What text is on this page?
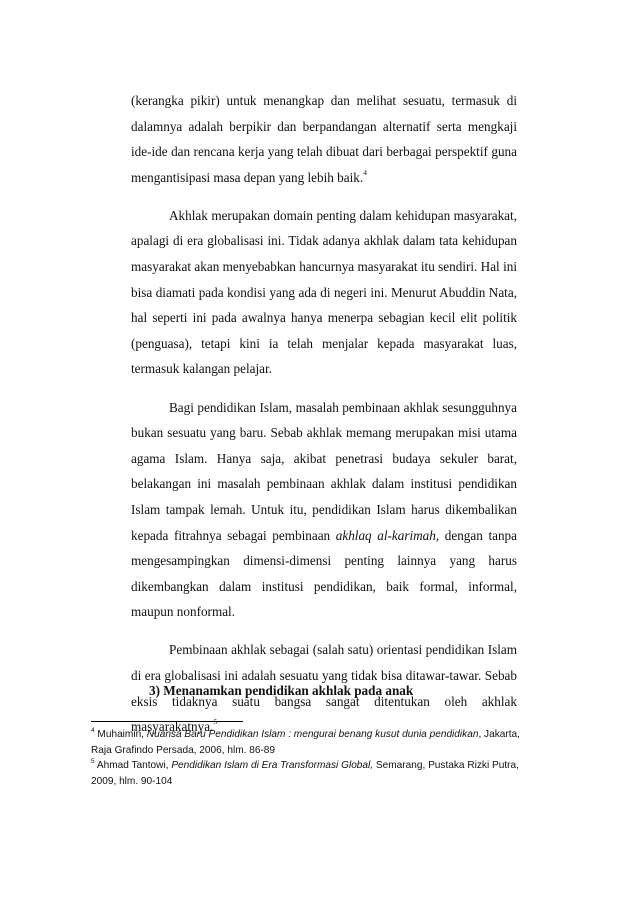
(kerangka pikir) untuk menangkap dan melihat sesuatu, termasuk di dalamnya adalah berpikir dan berpandangan alternatif serta mengkaji ide-ide dan rencana kerja yang telah dibuat dari berbagai perspektif guna mengantisipasi masa depan yang lebih baik.$^4$

Akhlak merupakan domain penting dalam kehidupan masyarakat, apalagi di era globalisasi ini. Tidak adanya akhlak dalam tata kehidupan masyarakat akan menyebabkan hancurnya masyarakat itu sendiri. Hal ini bisa diamati pada kondisi yang ada di negeri ini. Menurut Abuddin Nata, hal seperti ini pada awalnya hanya menerpa sebagian kecil elit politik (penguasa), tetapi kini ia telah menjalar kepada masyarakat luas, termasuk kalangan pelajar.

Bagi pendidikan Islam, masalah pembinaan akhlak sesungguhnya bukan sesuatu yang baru. Sebab akhlak memang merupakan misi utama agama Islam. Hanya saja, akibat penetrasi budaya sekuler barat, belakangan ini masalah pembinaan akhlak dalam institusi pendidikan Islam tampak lemah. Untuk itu, pendidikan Islam harus dikembalikan kepada fitrahnya sebagai pembinaan akhlaq al-karimah, dengan tanpa mengesampingkan dimensi-dimensi penting lainnya yang harus dikembangkan dalam institusi pendidikan, baik formal, informal, maupun nonformal.

Pembinaan akhlak sebagai (salah satu) orientasi pendidikan Islam di era globalisasi ini adalah sesuatu yang tidak bisa ditawar-tawar. Sebab eksis tidaknya suatu bangsa sangat ditentukan oleh akhlak

masyarakatnya.$^5$

3) Menanamkan pendidikan akhlak pada anak

$^4$ Muhaimin, Nuansa Baru Pendidikan Islam : mengurai benang kusut dunia pendidikan, Jakarta, Raja Grafindo Persada, 2006, hlm. 86-89

$^5$ Ahmad Tantowi, Pendidikan Islam di Era Transformasi Global, Semarang, Pustaka Rizki Putra, 2009, hlm. 90-104
